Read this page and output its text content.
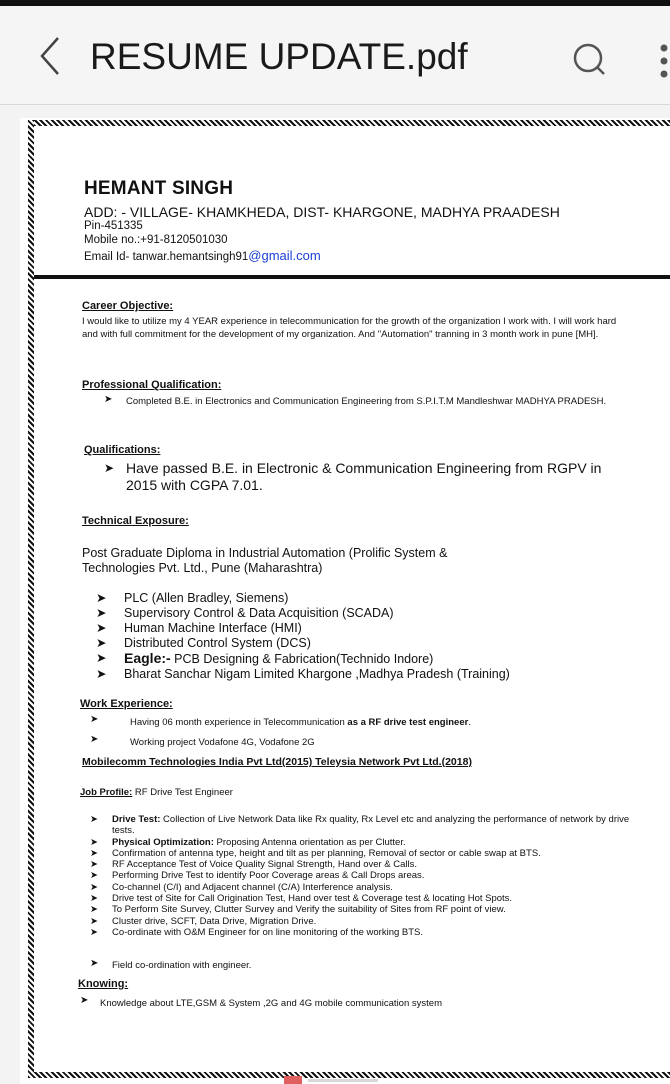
RESUME UPDATE.pdf
HEMANT SINGH
ADD: - VILLAGE- KHAMKHEDA, DIST- KHARGONE, MADHYA PRAADESH
Pin-451335
Mobile no.:+91-8120501030
Email Id- tanwar.hemantsingh91@gmail.com
Career Objective:
I would like to utilize my 4 YEAR experience in telecommunication for the growth of the organization I work with. I will work hard and with full commitment for the development of my organization. And "Automation" tranning in 3 month work in pune [MH].
Professional Qualification:
➤ Completed B.E. in Electronics and Communication Engineering from S.P.I.T.M Mandleshwar MADHYA PRADESH.
Qualifications:
➤ Have passed B.E. in Electronic & Communication Engineering from RGPV in 2015 with CGPA 7.01.
Technical Exposure:
Post Graduate Diploma in Industrial Automation (Prolific System & Technologies Pvt. Ltd., Pune (Maharashtra)
➤ PLC (Allen Bradley, Siemens)
➤ Supervisory Control & Data Acquisition (SCADA)
➤ Human Machine Interface (HMI)
➤ Distributed Control System (DCS)
➤ Eagle:- PCB Designing & Fabrication(Technido Indore)
➤ Bharat Sanchar Nigam Limited Khargone ,Madhya Pradesh (Training)
Work Experience:
➤	Having 06 month experience in Telecommunication as a RF drive test engineer.
➤	Working project Vodafone 4G, Vodafone 2G
Mobilecomm Technologies India Pvt Ltd(2015) Teleysia Network Pvt Ltd.(2018)
Job Profile: RF Drive Test Engineer
➤ Drive Test: Collection of Live Network Data like Rx quality, Rx Level etc and analyzing the performance of network by drive tests.
➤ Physical Optimization: Proposing Antenna orientation as per Clutter.
➤ Confirmation of antenna type, height and tilt as per planning, Removal of sector or cable swap at BTS.
➤ RF Acceptance Test of Voice Quality Signal Strength, Hand over & Calls.
➤ Performing Drive Test to identify Poor Coverage areas & Call Drops areas.
➤ Co-channel (C/I) and Adjacent channel (C/A) Interference analysis.
➤ Drive test of Site for Call Origination Test, Hand over test & Coverage test & locating Hot Spots.
➤ To Perform Site Survey, Clutter Survey and Verify the suitability of Sites from RF point of view.
➤ Cluster drive, SCFT, Data Drive, Migration Drive.
➤ Co-ordinate with O&M Engineer for on line monitoring of the working BTS.
➤ Field co-ordination with engineer.
Knowing:
➤ Knowledge about LTE,GSM & System ,2G and 4G mobile communication system
